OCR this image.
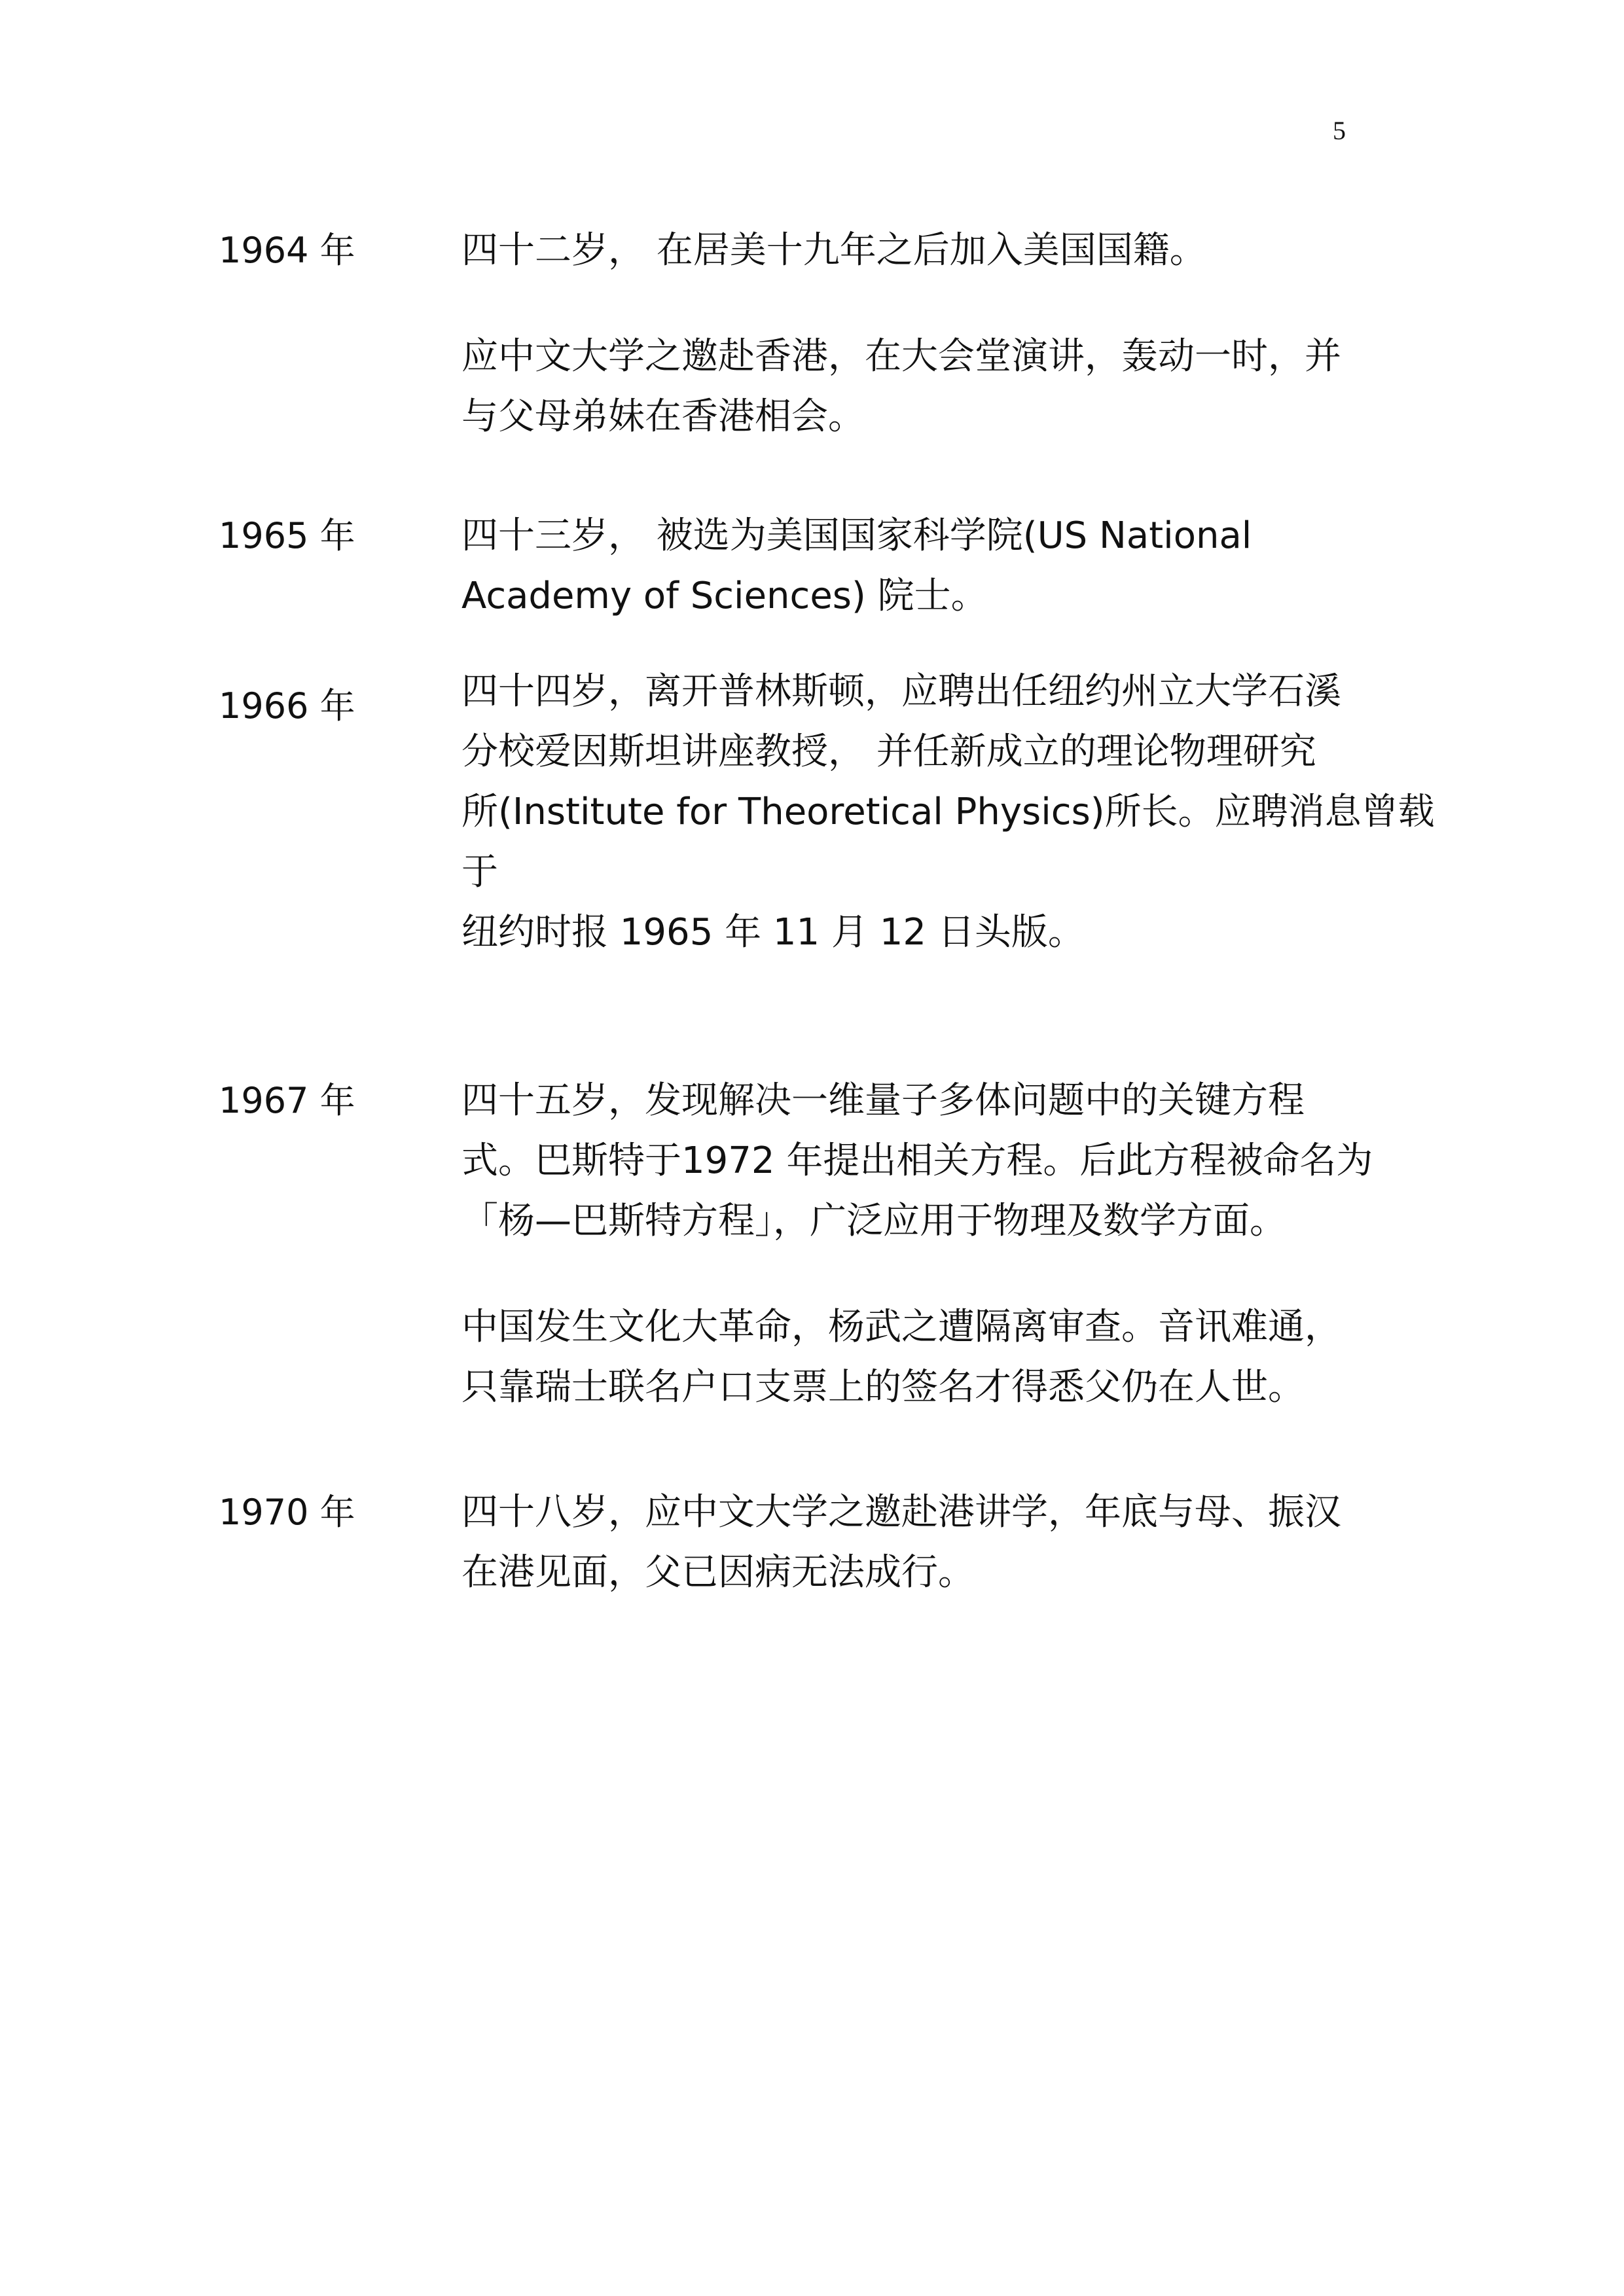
5
1964 年	四十二岁， 在居美十九年之后加入美国国籍。

应中文大学之邀赴香港，在大会堂演讲，轰动一时，并
与父母弟妹在香港相会。

1965 年	四十三岁， 被选为美国国家科学院(US National
Academy of Sciences) 院士。

1966 年	四十四岁，离开普林斯顿，应聘出任纽约州立大学石溪
分校爱因斯坦讲座教授， 并任新成立的理论物理研究
所(Institute for Theoretical Physics)所长。应聘消息曾载于
纽约时报 1965 年 11 月 12 日头版。

1967 年	四十五岁，发现解决一维量子多体问题中的关键方程
式。巴斯特于1972 年提出相关方程。后此方程被命名为
「杨—巴斯特方程」，广泛应用于物理及数学方面。

中国发生文化大革命，杨武之遭隔离审查。音讯难通，
只靠瑞士联名户口支票上的签名才得悉父仍在人世。

1970 年	四十八岁，应中文大学之邀赴港讲学，年底与母、振汉
在港见面，父已因病无法成行。
